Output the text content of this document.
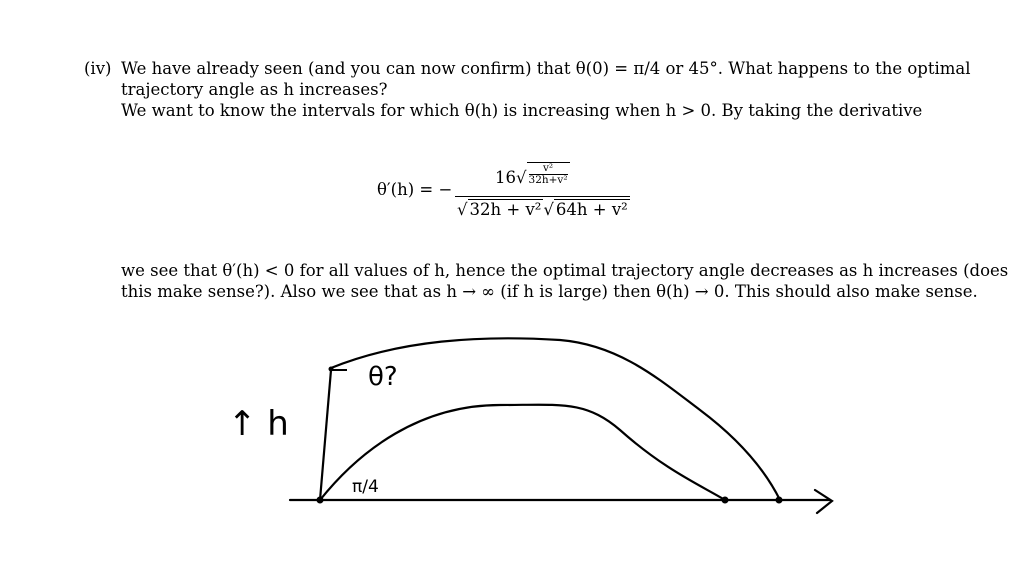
(iv) We have already seen (and you can now confirm) that θ(0) = π/4 or 45°. What happens to the optimal
trajectory angle as h increases?
We want to know the intervals for which θ(h) is increasing when h > 0. By taking the derivative
θ′(h) = −
$16√ \frac{\text{v²}}{\text{32h+v²}}$
√ 32h + v² √ 64h + v²
we see that θ′(h) < 0 for all values of h, hence the optimal trajectory angle decreases as h increases (does
this make sense?). Also we see that as h → ∞ (if h is large) then θ(h) → 0. This should also make sense.
↑ h
θ?
π/4
